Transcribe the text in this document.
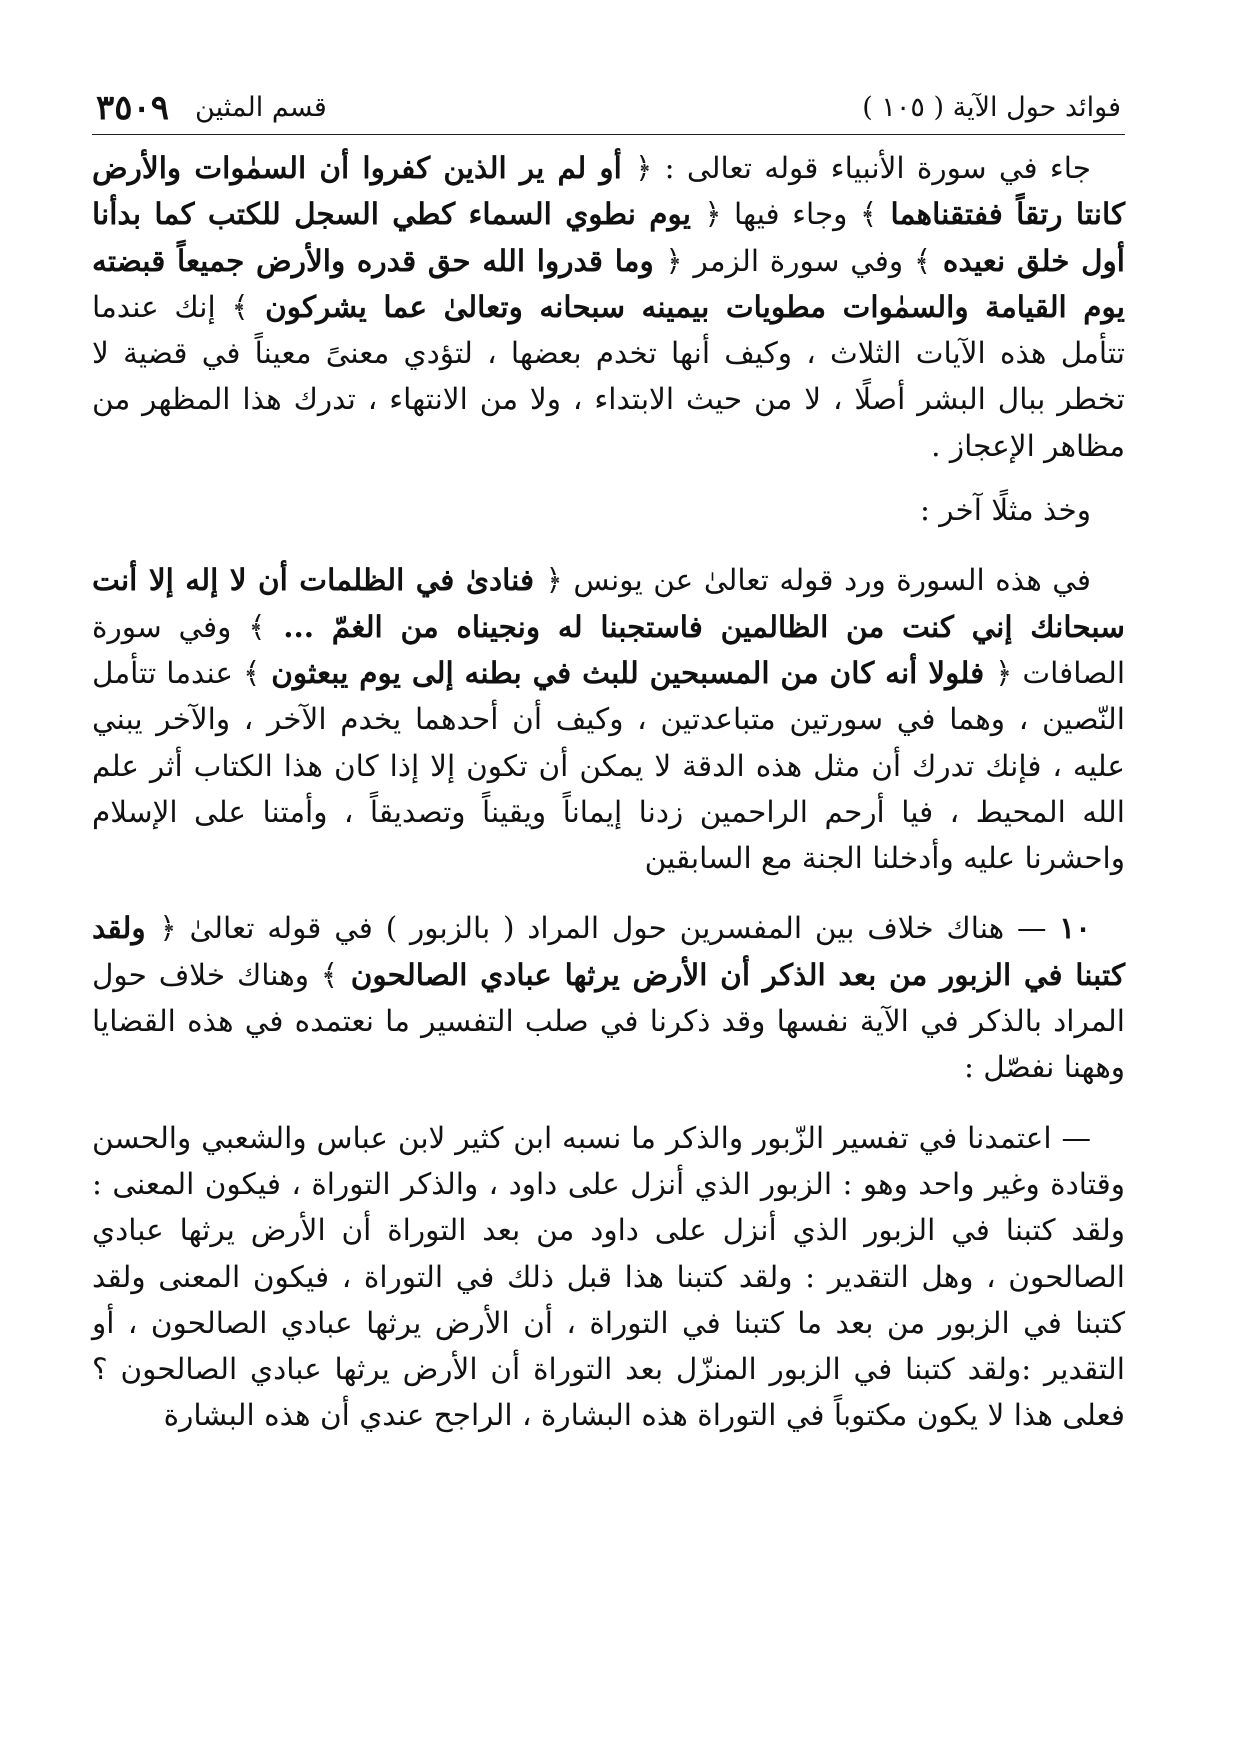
فوائد حول الآية ( ١٠٥ )
قسم المثين
٣٥٠٩

جاء في سورة الأنبياء قوله تعالى : ﴿ أو لم ير الذين كفروا أن السمٰوات والأرض كانتا رتقاً ففتقناهما ﴾ وجاء فيها ﴿ يوم نطوي السماء كطي السجل للكتب كما بدأنا أول خلق نعيده ﴾ وفي سورة الزمر ﴿ وما قدروا الله حق قدره والأرض جميعاً قبضته يوم القيامة والسمٰوات مطويات بيمينه سبحانه وتعالىٰ عما يشركون ﴾ إنك عندما تتأمل هذه الآيات الثلاث ، وكيف أنها تخدم بعضها ، لتؤدي معنىً معيناً في قضية لا تخطر ببال البشر أصلًا ، لا من حيث الابتداء ، ولا من الانتهاء ، تدرك هذا المظهر من مظاهر الإعجاز .

وخذ مثلًا آخر :

في هذه السورة ورد قوله تعالىٰ عن يونس ﴿ فنادىٰ في الظلمات أن لا إله إلا أنت سبحانك إني كنت من الظالمين فاستجبنا له ونجيناه من الغمّ ... ﴾ وفي سورة الصافات ﴿ فلولا أنه كان من المسبحين للبث في بطنه إلى يوم يبعثون ﴾ عندما تتأمل النّصين ، وهما في سورتين متباعدتين ، وكيف أن أحدهما يخدم الآخر ، والآخر يبني عليه ، فإنك تدرك أن مثل هذه الدقة لا يمكن أن تكون إلا إذا كان هذا الكتاب أثر علم الله المحيط ، فيا أرحم الراحمين زدنا إيماناً ويقيناً وتصديقاً ، وأمتنا على الإسلام واحشرنا عليه وأدخلنا الجنة مع السابقين

١٠ — هناك خلاف بين المفسرين حول المراد ( بالزبور ) في قوله تعالىٰ ﴿ ولقد كتبنا في الزبور من بعد الذكر أن الأرض يرثها عبادي الصالحون ﴾ وهناك خلاف حول المراد بالذكر في الآية نفسها وقد ذكرنا في صلب التفسير ما نعتمده في هذه القضايا وههنا نفصّل :

— اعتمدنا في تفسير الزّبور والذكر ما نسبه ابن كثير لابن عباس والشعبي والحسن وقتادة وغير واحد وهو : الزبور الذي أنزل على داود ، والذكر التوراة ، فيكون المعنى : ولقد كتبنا في الزبور الذي أنزل على داود من بعد التوراة أن الأرض يرثها عبادي الصالحون ، وهل التقدير : ولقد كتبنا هذا قبل ذلك في التوراة ، فيكون المعنى ولقد كتبنا في الزبور من بعد ما كتبنا في التوراة ، أن الأرض يرثها عبادي الصالحون ، أو التقدير :ولقد كتبنا في الزبور المنزّل بعد التوراة أن الأرض يرثها عبادي الصالحون ؟ فعلى هذا لا يكون مكتوباً في التوراة هذه البشارة ، الراجح عندي أن هذه البشارة
